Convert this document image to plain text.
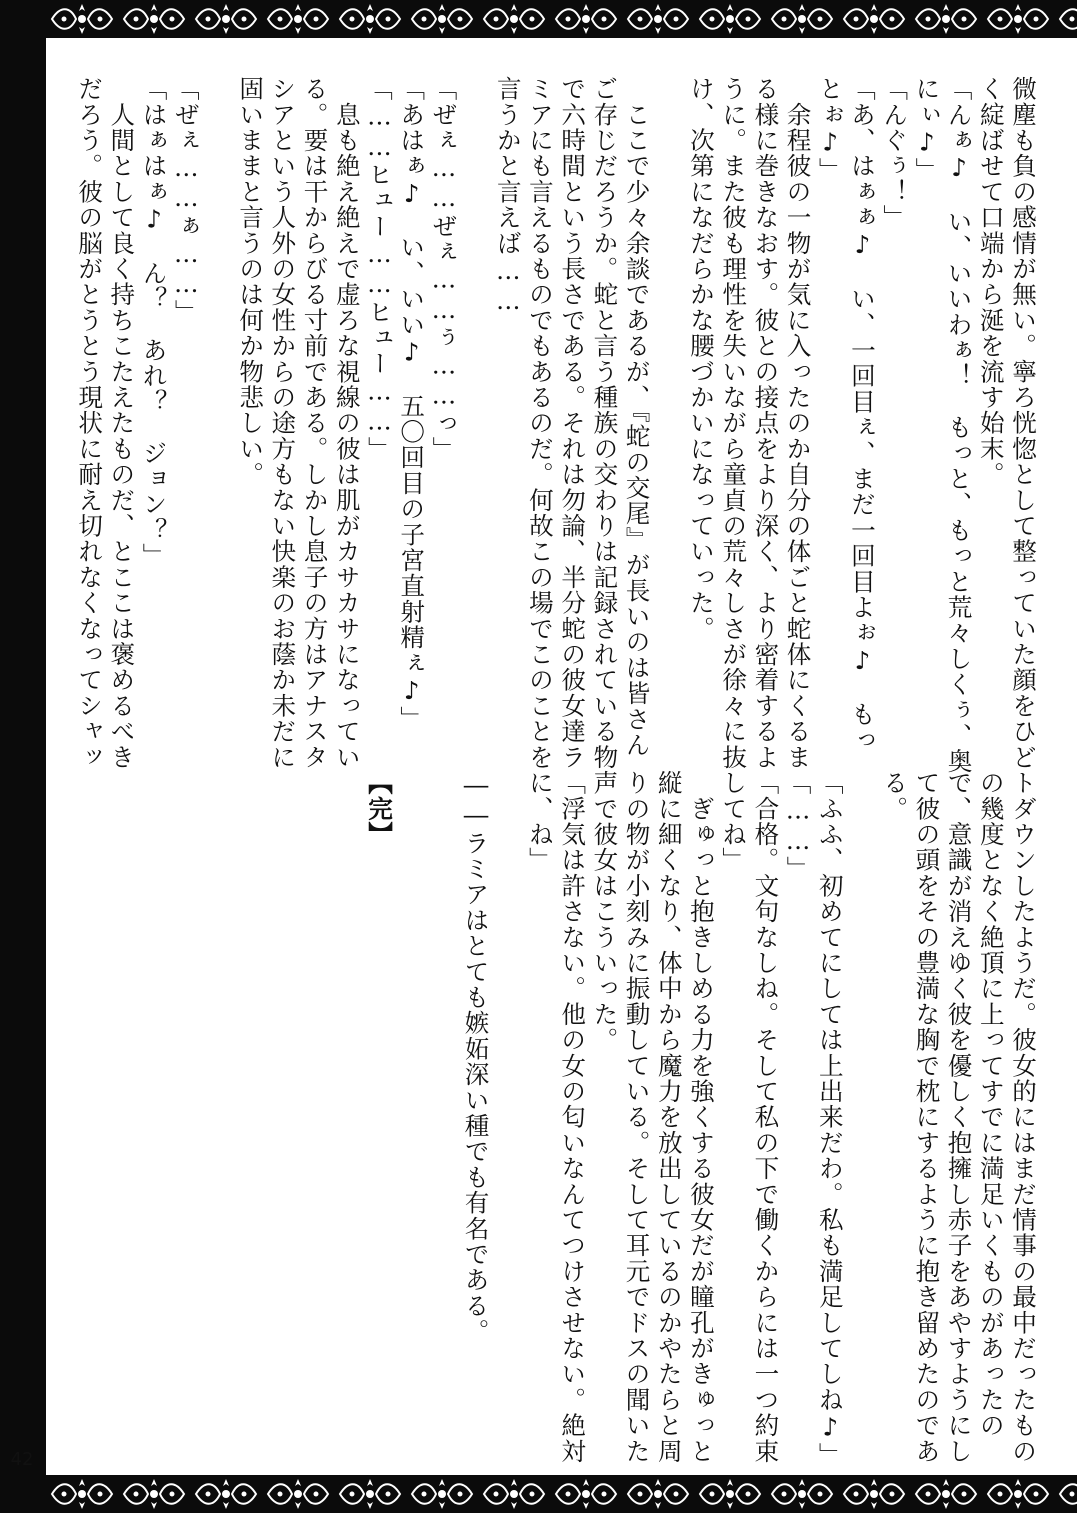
42
微塵も負の感情が無い。寧ろ恍惚として整っていた顔をひど
く綻ばせて口端から涎を流す始末。
「んぁ♪　い、いいわぁ！　もっと、もっと荒々しくぅ、奥
にぃ♪」
「んぐぅ！」
「あ、はぁぁ♪　い、一回目ぇ、まだ一回目よぉ♪　もっ
とぉ♪」
　余程彼の一物が気に入ったのか自分の体ごと蛇体にくるま
る様に巻きなおす。彼との接点をより深く、より密着するよ
うに。また彼も理性を失いながら童貞の荒々しさが徐々に抜
け、次第になだらかな腰づかいになっていった。
　ここで少々余談であるが、『蛇の交尾』が長いのは皆さん
ご存じだろうか。蛇と言う種族の交わりは記録されている物
で六時間という長さである。それは勿論、半分蛇の彼女達ラ
ミアにも言えるものでもあるのだ。何故この場でこのことを
言うかと言えば……
「ぜぇ……ぜぇ……ぅ……っ」
「あはぁ♪　い、いい♪　五〇回目の子宮直射精ぇ♪」
「……ヒュー……ヒュー……」
　息も絶え絶えで虚ろな視線の彼は肌がカサカサになってい
る。要は干からびる寸前である。しかし息子の方はアナスタ
シアという人外の女性からの途方もない快楽のお蔭か未だに
固いままと言うのは何か物悲しい。
「ぜぇ……ぁ……」
「はぁはぁ♪　ん？　あれ？　ジョン？」
　人間として良く持ちこたえたものだ、とここは褒めるべき
だろう。彼の脳がとうとう現状に耐え切れなくなってシャッ
トダウンしたようだ。彼女的にはまだ情事の最中だったもの
の幾度となく絶頂に上ってすでに満足いくものがあったの
で、意識が消えゆく彼を優しく抱擁し赤子をあやすようにし
て彼の頭をその豊満な胸で枕にするように抱き留めたのであ
る。
「ふふ、初めてにしては上出来だわ。私も満足してしね♪」
「……」
「合格。文句なしね。そして私の下で働くからには一つ約束
してね」
　ぎゅっと抱きしめる力を強くする彼女だが瞳孔がきゅっと
縦に細くなり、体中から魔力を放出しているのかやたらと周
りの物が小刻みに振動している。そして耳元でドスの聞いた
声で彼女はこういった。
「浮気は許さない。他の女の匂いなんてつけさせない。絶対
に、ね」
――ラミアはとても嫉妬深い種でも有名である。
【完】
